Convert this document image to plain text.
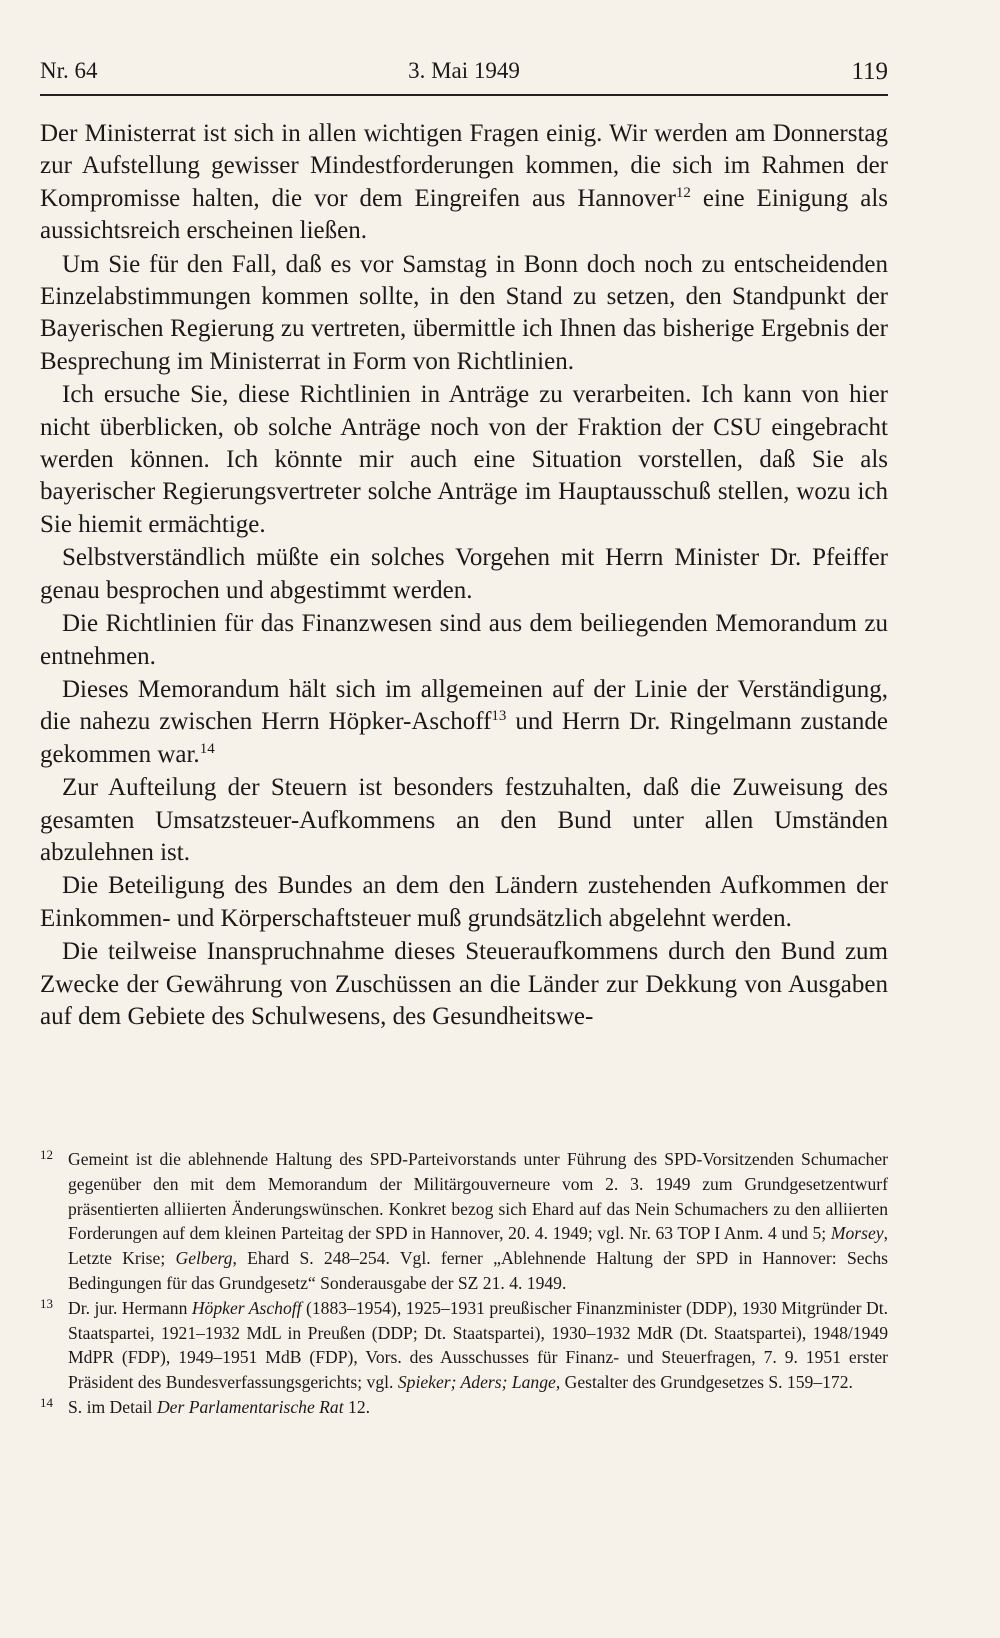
Nr. 64	3. Mai 1949	119

Der Ministerrat ist sich in allen wichtigen Fragen einig. Wir werden am Donnerstag zur Aufstellung gewisser Mindestforderungen kommen, die sich im Rahmen der Kompromisse halten, die vor dem Eingreifen aus Hannover$^{12}$ eine Einigung als aussichtsreich erscheinen ließen.

Um Sie für den Fall, daß es vor Samstag in Bonn doch noch zu entscheidenden Einzelabstimmungen kommen sollte, in den Stand zu setzen, den Standpunkt der Bayerischen Regierung zu vertreten, übermittle ich Ihnen das bisherige Ergebnis der Besprechung im Ministerrat in Form von Richtlinien.

Ich ersuche Sie, diese Richtlinien in Anträge zu verarbeiten. Ich kann von hier nicht überblicken, ob solche Anträge noch von der Fraktion der CSU eingebracht werden können. Ich könnte mir auch eine Situation vorstellen, daß Sie als bayerischer Regierungsvertreter solche Anträge im Hauptausschuß stellen, wozu ich Sie hiemit ermächtige.

Selbstverständlich müßte ein solches Vorgehen mit Herrn Minister Dr. Pfeiffer genau besprochen und abgestimmt werden.

Die Richtlinien für das Finanzwesen sind aus dem beiliegenden Memorandum zu entnehmen.

Dieses Memorandum hält sich im allgemeinen auf der Linie der Verständigung, die nahezu zwischen Herrn Höpker-Aschoff$^{13}$ und Herrn Dr. Ringelmann zustande gekommen war.$^{14}$

Zur Aufteilung der Steuern ist besonders festzuhalten, daß die Zuweisung des gesamten Umsatzsteuer-Aufkommens an den Bund unter allen Umständen abzulehnen ist.

Die Beteiligung des Bundes an dem den Ländern zustehenden Aufkommen der Einkommen- und Körperschaftsteuer muß grundsätzlich abgelehnt werden.

Die teilweise Inanspruchnahme dieses Steueraufkommens durch den Bund zum Zwecke der Gewährung von Zuschüssen an die Länder zur Dekkung von Ausgaben auf dem Gebiete des Schulwesens, des Gesundheitswe-

12 Gemeint ist die ablehnende Haltung des SPD-Parteivorstands unter Führung des SPD-Vorsitzenden Schumacher gegenüber den mit dem Memorandum der Militärgouverneure vom 2. 3. 1949 zum Grundgesetzentwurf präsentierten alliierten Änderungswünschen. Konkret bezog sich Ehard auf das Nein Schumachers zu den alliierten Forderungen auf dem kleinen Parteitag der SPD in Hannover, 20. 4. 1949; vgl. Nr. 63 TOP I Anm. 4 und 5; Morsey, Letzte Krise; Gelberg, Ehard S. 248–254. Vgl. ferner „Ablehnende Haltung der SPD in Hannover: Sechs Bedingungen für das Grundgesetz“ Sonderausgabe der SZ 21. 4. 1949.

13 Dr. jur. Hermann Höpker Aschoff (1883–1954), 1925–1931 preußischer Finanzminister (DDP), 1930 Mitgründer Dt. Staatspartei, 1921–1932 MdL in Preußen (DDP; Dt. Staatspartei), 1930–1932 MdR (Dt. Staatspartei), 1948/1949 MdPR (FDP), 1949–1951 MdB (FDP), Vors. des Ausschusses für Finanz- und Steuerfragen, 7. 9. 1951 erster Präsident des Bundesverfassungsgerichts; vgl. Spieker; Aders; Lange, Gestalter des Grundgesetzes S. 159–172.

14 S. im Detail Der Parlamentarische Rat 12.
